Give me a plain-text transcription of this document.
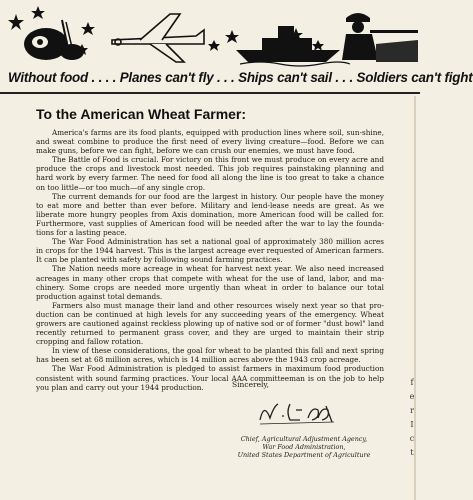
Without food . . . . Planes can't fly . . . Ships can't sail . . . Soldiers can't fight
To the American Wheat Farmer:

America's farms are its food plants, equipped with production lines where soil, sun-shine, and sweat combine to produce the first need of every living creature—food. Before we can make guns, before we can fight, before we can crush our enemies, we must have food.

The Battle of Food is crucial. For victory on this front we must produce on every acre and produce the crops and livestock most needed. This job requires painstaking planning and hard work by every farmer. The need for food all along the line is too great to take a chance on too little—or too much—of any single crop.

The current demands for our food are the largest in history. Our people have the money to eat more and better than ever before. Military and lend-lease needs are great. As we liberate more hungry peoples from Axis domination, more American food will be called for. Furthermore, vast supplies of American food will be needed after the war to lay the founda-tions for a lasting peace.

The War Food Administration has set a national goal of approximately 380 million acres in crops for the 1944 harvest. This is the largest acreage ever requested of American farmers. It can be planted with safety by following sound farming practices.

The Nation needs more acreage in wheat for harvest next year. We also need increased acreages in many other crops that compete with wheat for the use of land, labor, and ma-chinery. Some crops are needed more urgently than wheat in order to balance our total production against total demands.

Farmers also must manage their land and other resources wisely next year so that pro-duction can be continued at high levels for any succeeding years of the emergency. Wheat growers are cautioned against reckless plowing up of native sod or of former "dust bowl" land recently returned to permanent grass cover, and they are urged to maintain their strip cropping and fallow rotation.

In view of these considerations, the goal for wheat to be planted this fall and next spring has been set at 68 million acres, which is 14 million acres above the 1943 crop acreage.

The War Food Administration is pledged to assist farmers in maximum food production consistent with sound farming practices. Your local AAA committeeman is on the job to help you plan and carry out your 1944 production.	Sincerely,
Chief, Agricultural Adjustment Agency,
War Food Administration,
United States Department of Agriculture
f
e
r
I
c
t
